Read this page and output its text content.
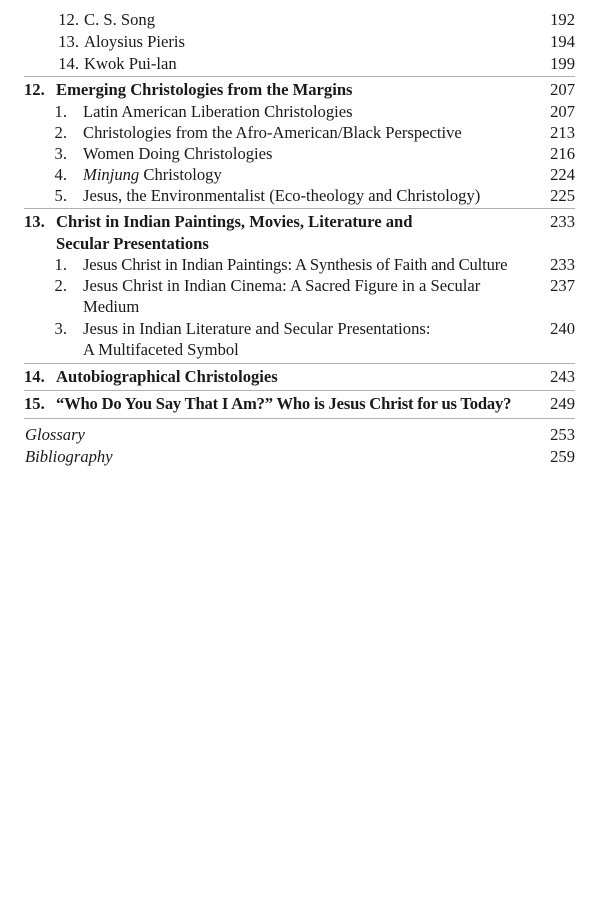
12. C. S. Song	192
13. Aloysius Pieris	194
14. Kwok Pui-lan	199
12. Emerging Christologies from the Margins	207
1. Latin American Liberation Christologies	207
2. Christologies from the Afro-American/Black Perspective	213
3. Women Doing Christologies	216
4. Minjung Christology	224
5. Jesus, the Environmentalist (Eco-theology and Christology)	225
13. Christ in Indian Paintings, Movies, Literature and	233
Secular Presentations
1. Jesus Christ in Indian Paintings: A Synthesis of Faith and Culture	233
2. Jesus Christ in Indian Cinema: A Sacred Figure in a Secular	237
Medium
3. Jesus in Indian Literature and Secular Presentations:	240
A Multifaceted Symbol
14. Autobiographical Christologies	243
15. “Who Do You Say That I Am?” Who is Jesus Christ for us Today? 249
Glossary	253
Bibliography	259
